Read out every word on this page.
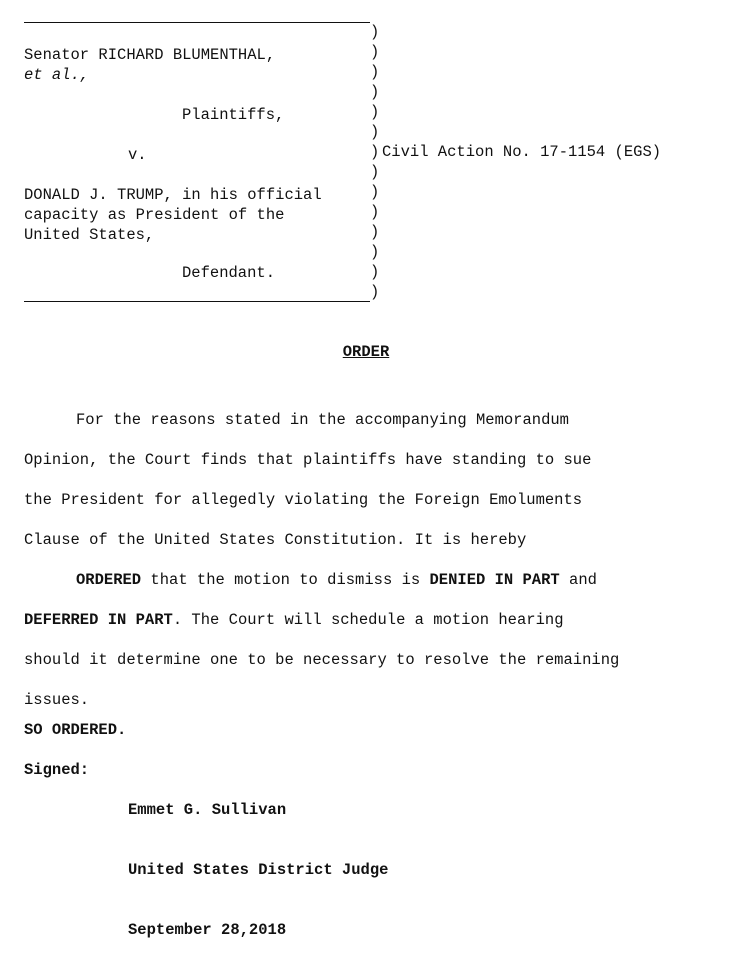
Senator RICHARD BLUMENTHAL,
et al.,
Plaintiffs,
v.
DONALD J. TRUMP, in his official
capacity as President of the
United States,
Defendant.
)
)
)
)
)
)
)
)
)
)
)
)
)
)
Civil Action No. 17-1154 (EGS)
ORDER
For the reasons stated in the accompanying Memorandum
Opinion, the Court finds that plaintiffs have standing to sue
the President for allegedly violating the Foreign Emoluments
Clause of the United States Constitution. It is hereby
ORDERED that the motion to dismiss is DENIED IN PART and
DEFERRED IN PART. The Court will schedule a motion hearing
should it determine one to be necessary to resolve the remaining
issues.
SO ORDERED.
Signed:

Emmet G. Sullivan

United States District Judge

September 28,2018
